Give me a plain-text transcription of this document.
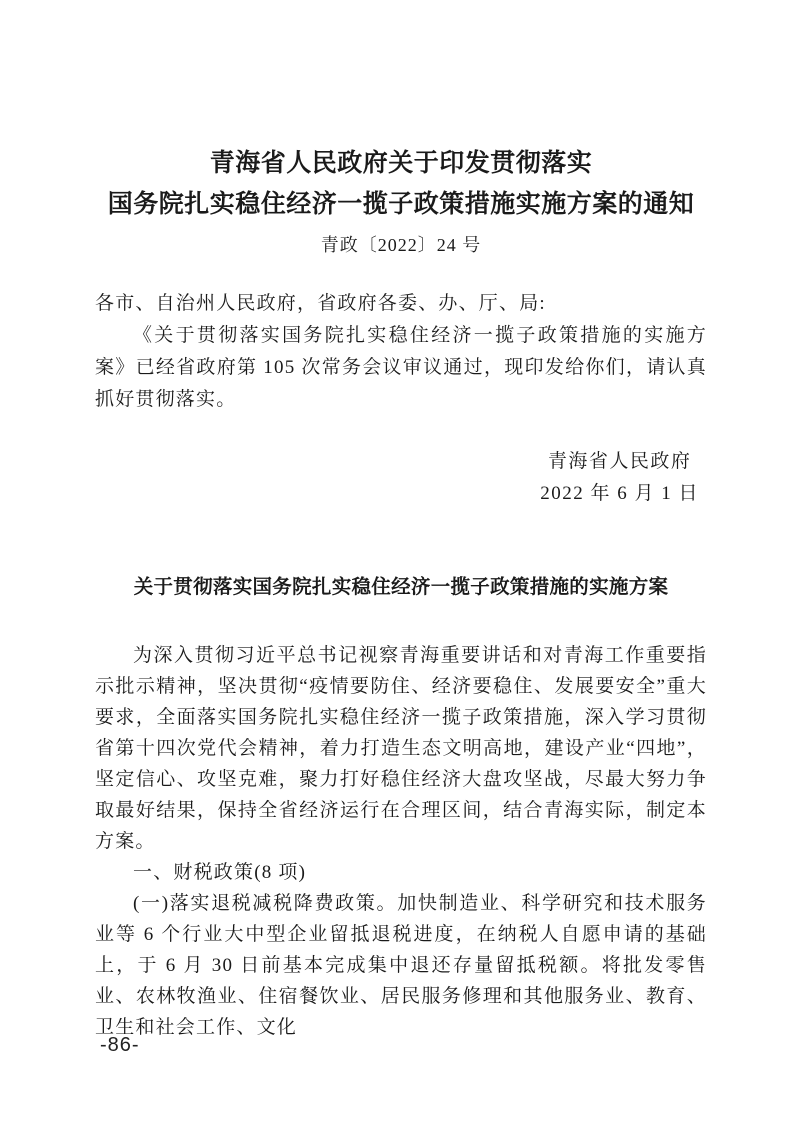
青海省人民政府关于印发贯彻落实
国务院扎实稳住经济一揽子政策措施实施方案的通知
青政〔2022〕24 号

各市、自治州人民政府，省政府各委、办、厅、局:

《关于贯彻落实国务院扎实稳住经济一揽子政策措施的实施方案》已经省政府第 105 次常务会议审议通过，现印发给你们，请认真抓好贯彻落实。

青海省人民政府
2022 年 6 月 1 日
关于贯彻落实国务院扎实稳住经济一揽子政策措施的实施方案

为深入贯彻习近平总书记视察青海重要讲话和对青海工作重要指示批示精神，坚决贯彻“疫情要防住、经济要稳住、发展要安全”重大要求，全面落实国务院扎实稳住经济一揽子政策措施，深入学习贯彻省第十四次党代会精神，着力打造生态文明高地，建设产业“四地”，坚定信心、攻坚克难，聚力打好稳住经济大盘攻坚战，尽最大努力争取最好结果，保持全省经济运行在合理区间，结合青海实际，制定本方案。

一、财税政策(8 项)

(一)落实退税减税降费政策。加快制造业、科学研究和技术服务业等 6 个行业大中型企业留抵退税进度，在纳税人自愿申请的基础上，于 6 月 30 日前基本完成集中退还存量留抵税额。将批发零售业、农林牧渔业、住宿餐饮业、居民服务修理和其他服务业、教育、卫生和社会工作、文化

-86-
